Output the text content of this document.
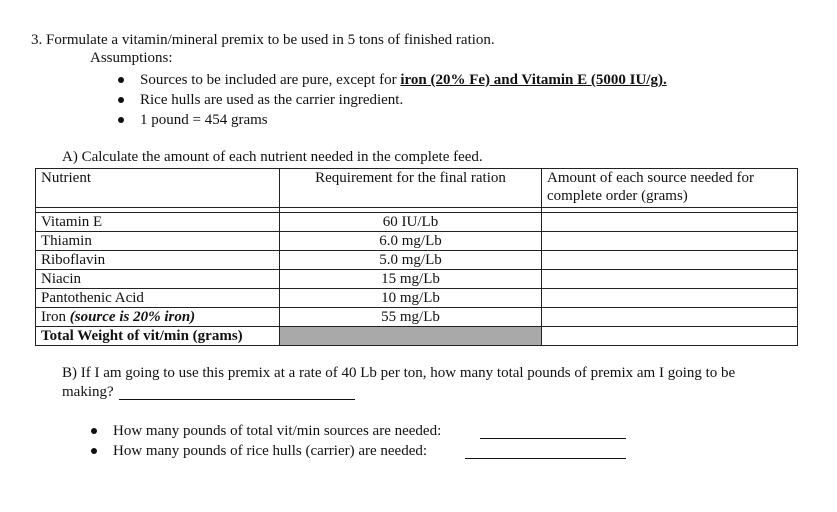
3. Formulate a vitamin/mineral premix to be used in 5 tons of finished ration.
Assumptions:
Sources to be included are pure, except for iron (20% Fe) and Vitamin E (5000 IU/g).
Rice hulls are used as the carrier ingredient.
1 pound = 454 grams
A) Calculate the amount of each nutrient needed in the complete feed.
Nutrient	Requirement for the final ration	Amount of each source needed for complete order (grams)

Vitamin E	60 IU/Lb	
Thiamin	6.0 mg/Lb	
Riboflavin	5.0 mg/Lb	
Niacin	15 mg/Lb	
Pantothenic Acid	10 mg/Lb	
Iron (source is 20% iron)	55 mg/Lb	
Total Weight of vit/min (grams)		
B) If I am going to use this premix at a rate of 40 Lb per ton, how many total pounds of premix am I going to be
making?
How many pounds of total vit/min sources are needed:
How many pounds of rice hulls (carrier) are needed:
